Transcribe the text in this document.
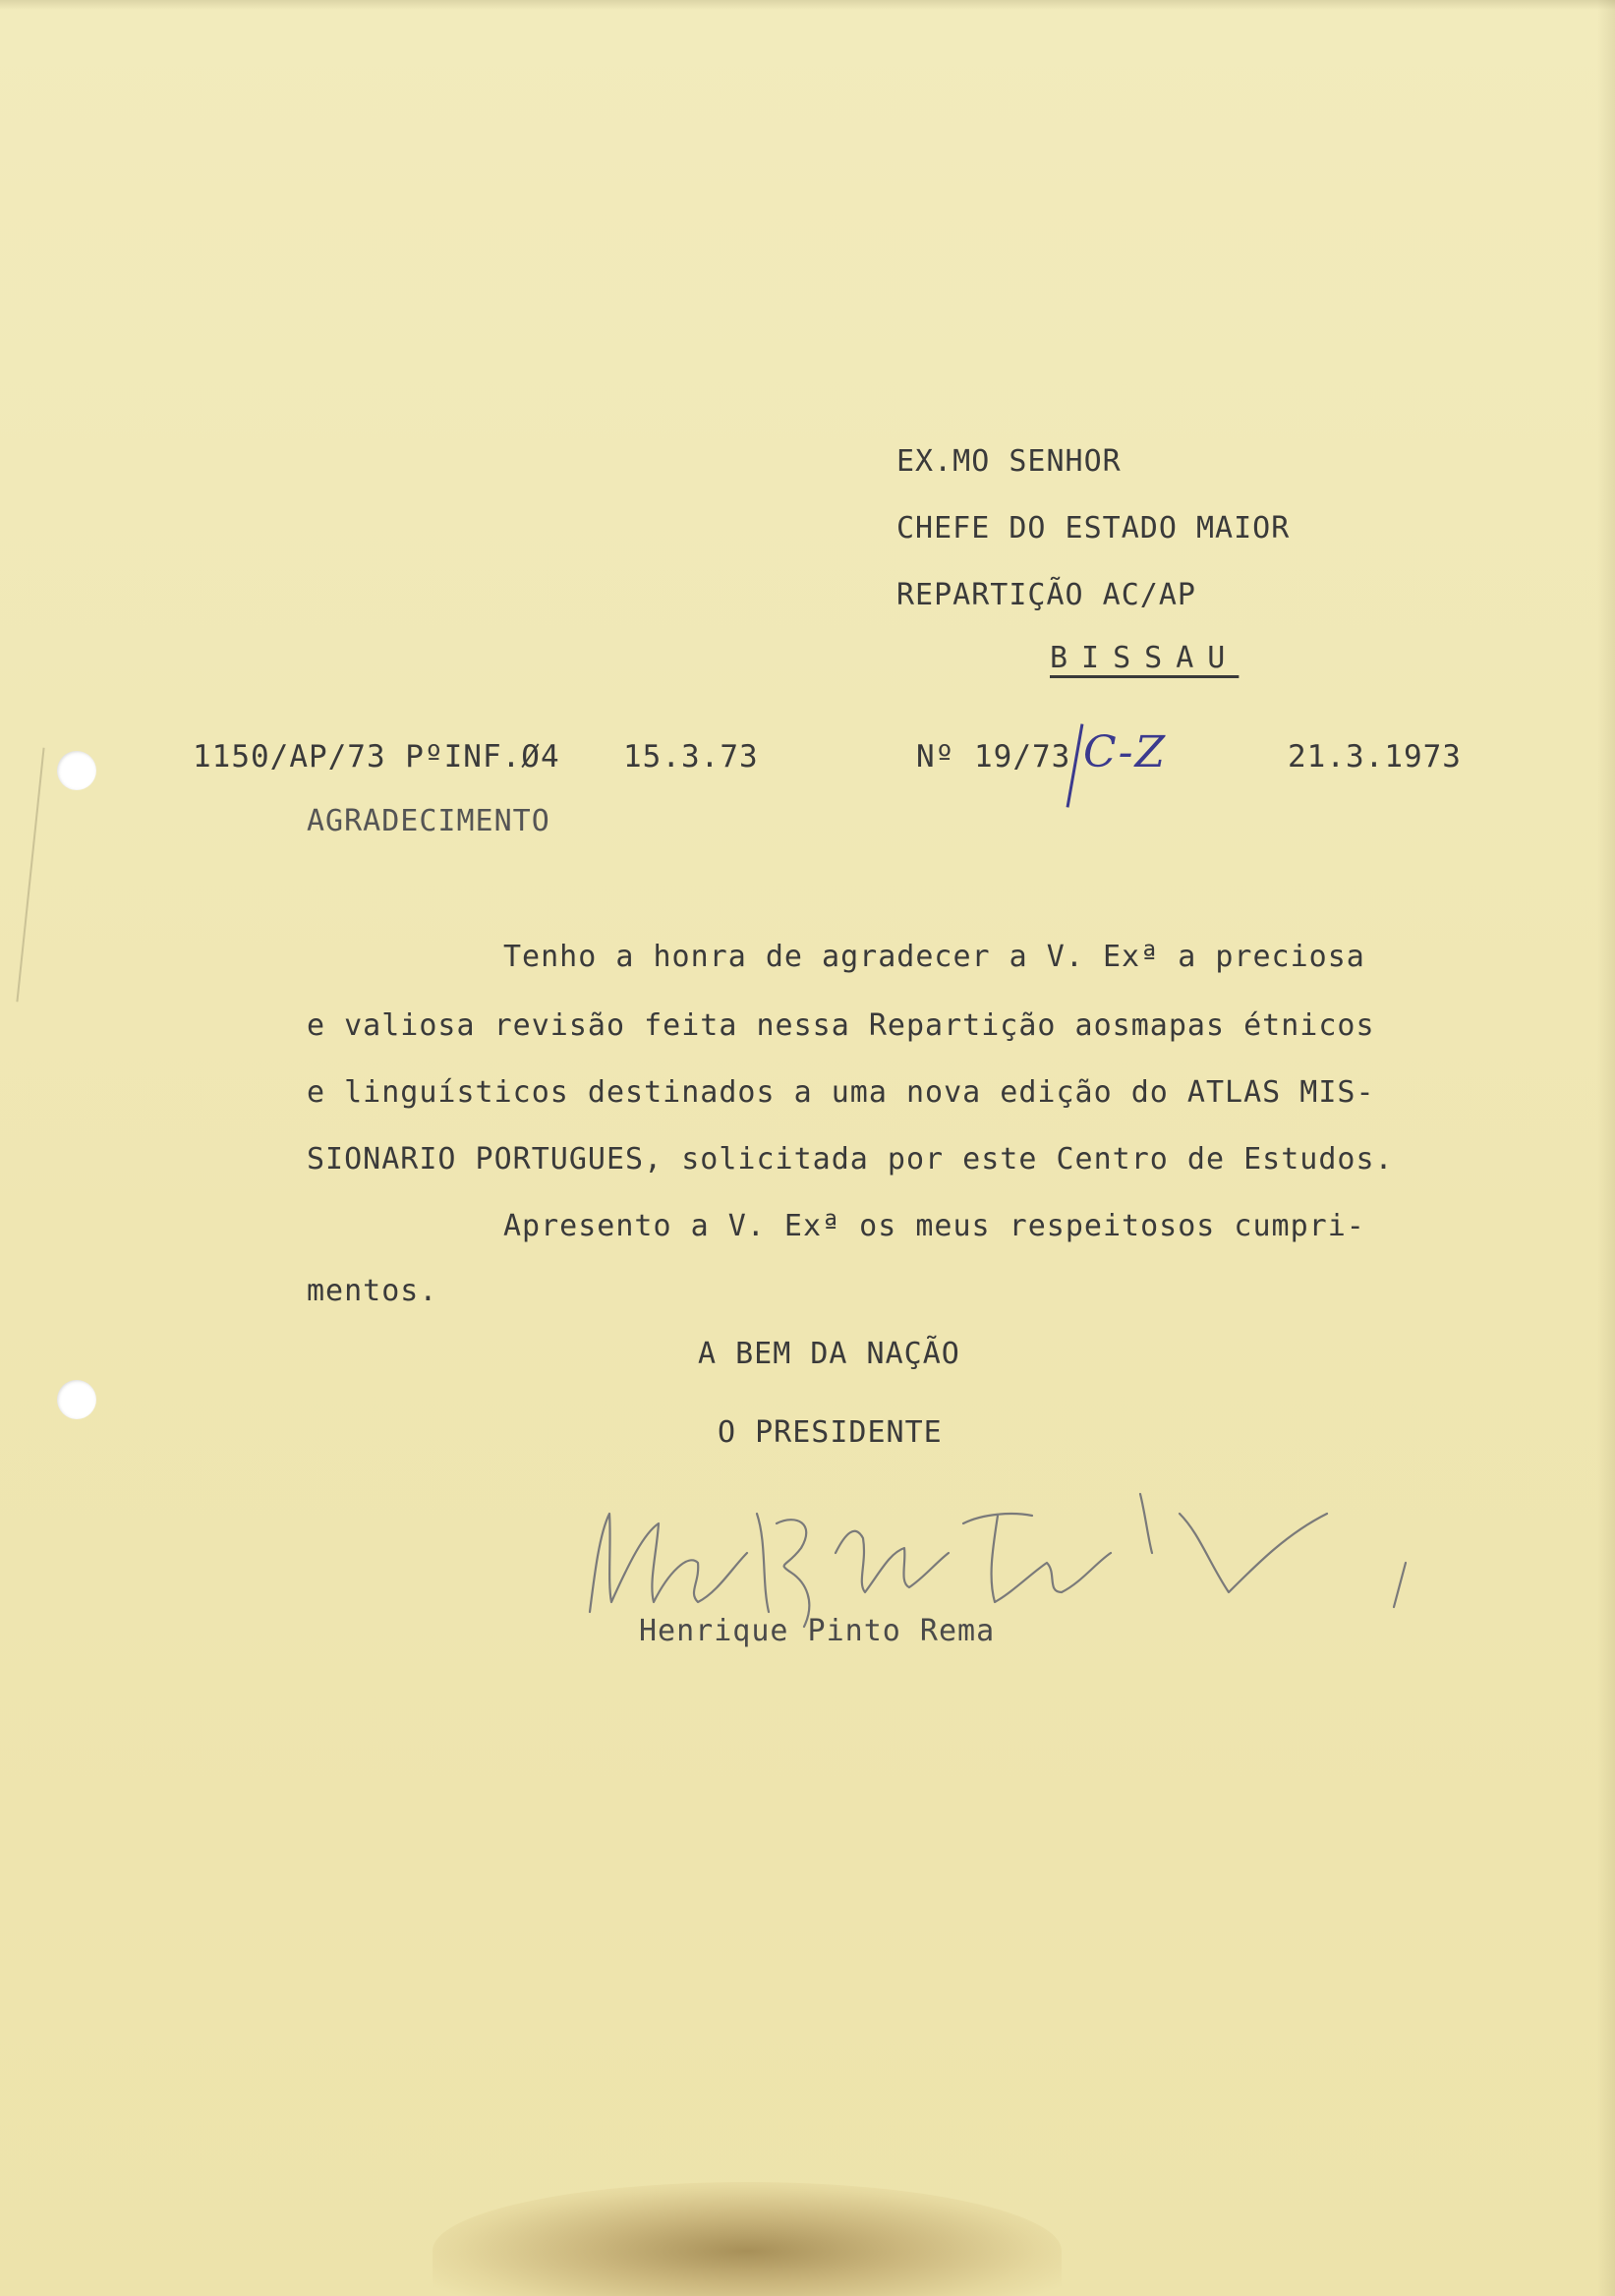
EX.MO SENHOR
CHEFE DO ESTADO MAIOR
REPARTIÇÃO AC/AP
BISSAU
1150/AP/73 PºINF.Ø4 15.3.73	Nº 19/73 C-Z	21.3.1973
AGRADECIMENTO
Tenho a honra de agradecer a V. Exª a preciosa
e valiosa revisão feita nessa Repartição aosmapas étnicos
e linguísticos destinados a uma nova edição do ATLAS MIS-
SIONARIO PORTUGUES, solicitada por este Centro de Estudos.
Apresento a V. Exª os meus respeitosos cumpri-
mentos.
A BEM DA NAÇÃO
O PRESIDENTE
Henrique Pinto Rema
